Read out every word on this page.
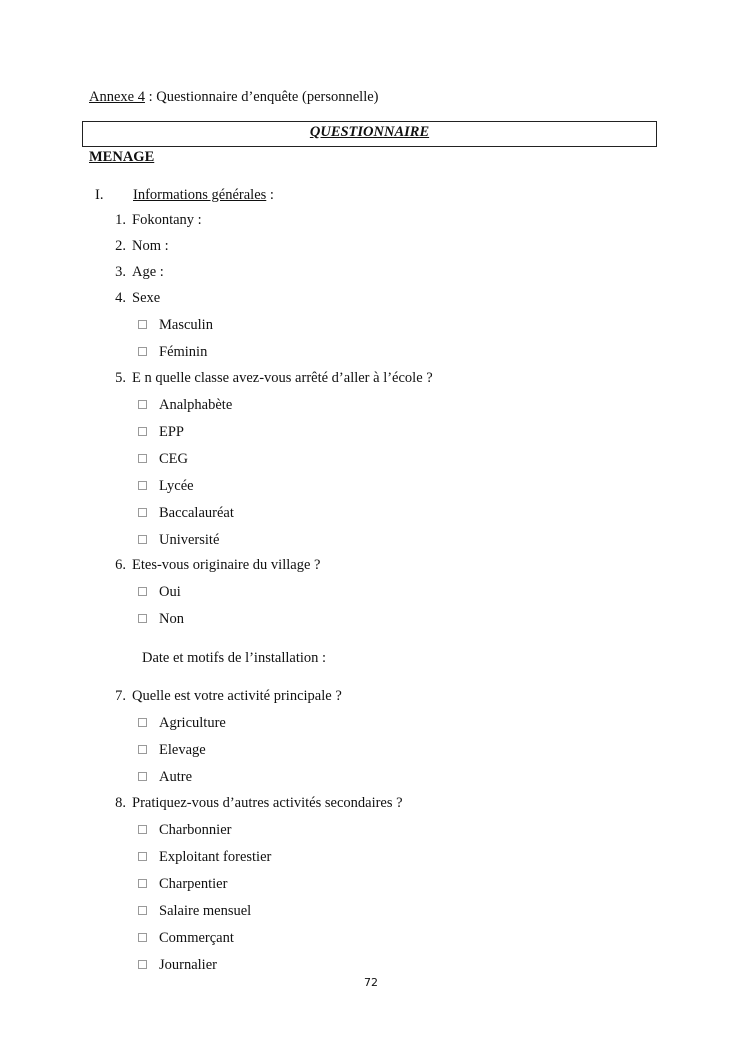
Annexe 4 : Questionnaire d’enquête (personnelle)
QUESTIONNAIRE
MENAGE
I. Informations générales :
1. Fokontany :
2. Nom :
3. Age :
4. Sexe
Masculin
Féminin
5. E n quelle classe avez-vous arrêté d’aller à l’école ?
Analphabète
EPP
CEG
Lycée
Baccalauréat
Université
6. Etes-vous originaire du village ?
Oui
Non
Date et motifs de l’installation :
7. Quelle est votre activité principale ?
Agriculture
Elevage
Autre
8. Pratiquez-vous d’autres activités secondaires ?
Charbonnier
Exploitant forestier
Charpentier
Salaire mensuel
Commerçant
Journalier
72
